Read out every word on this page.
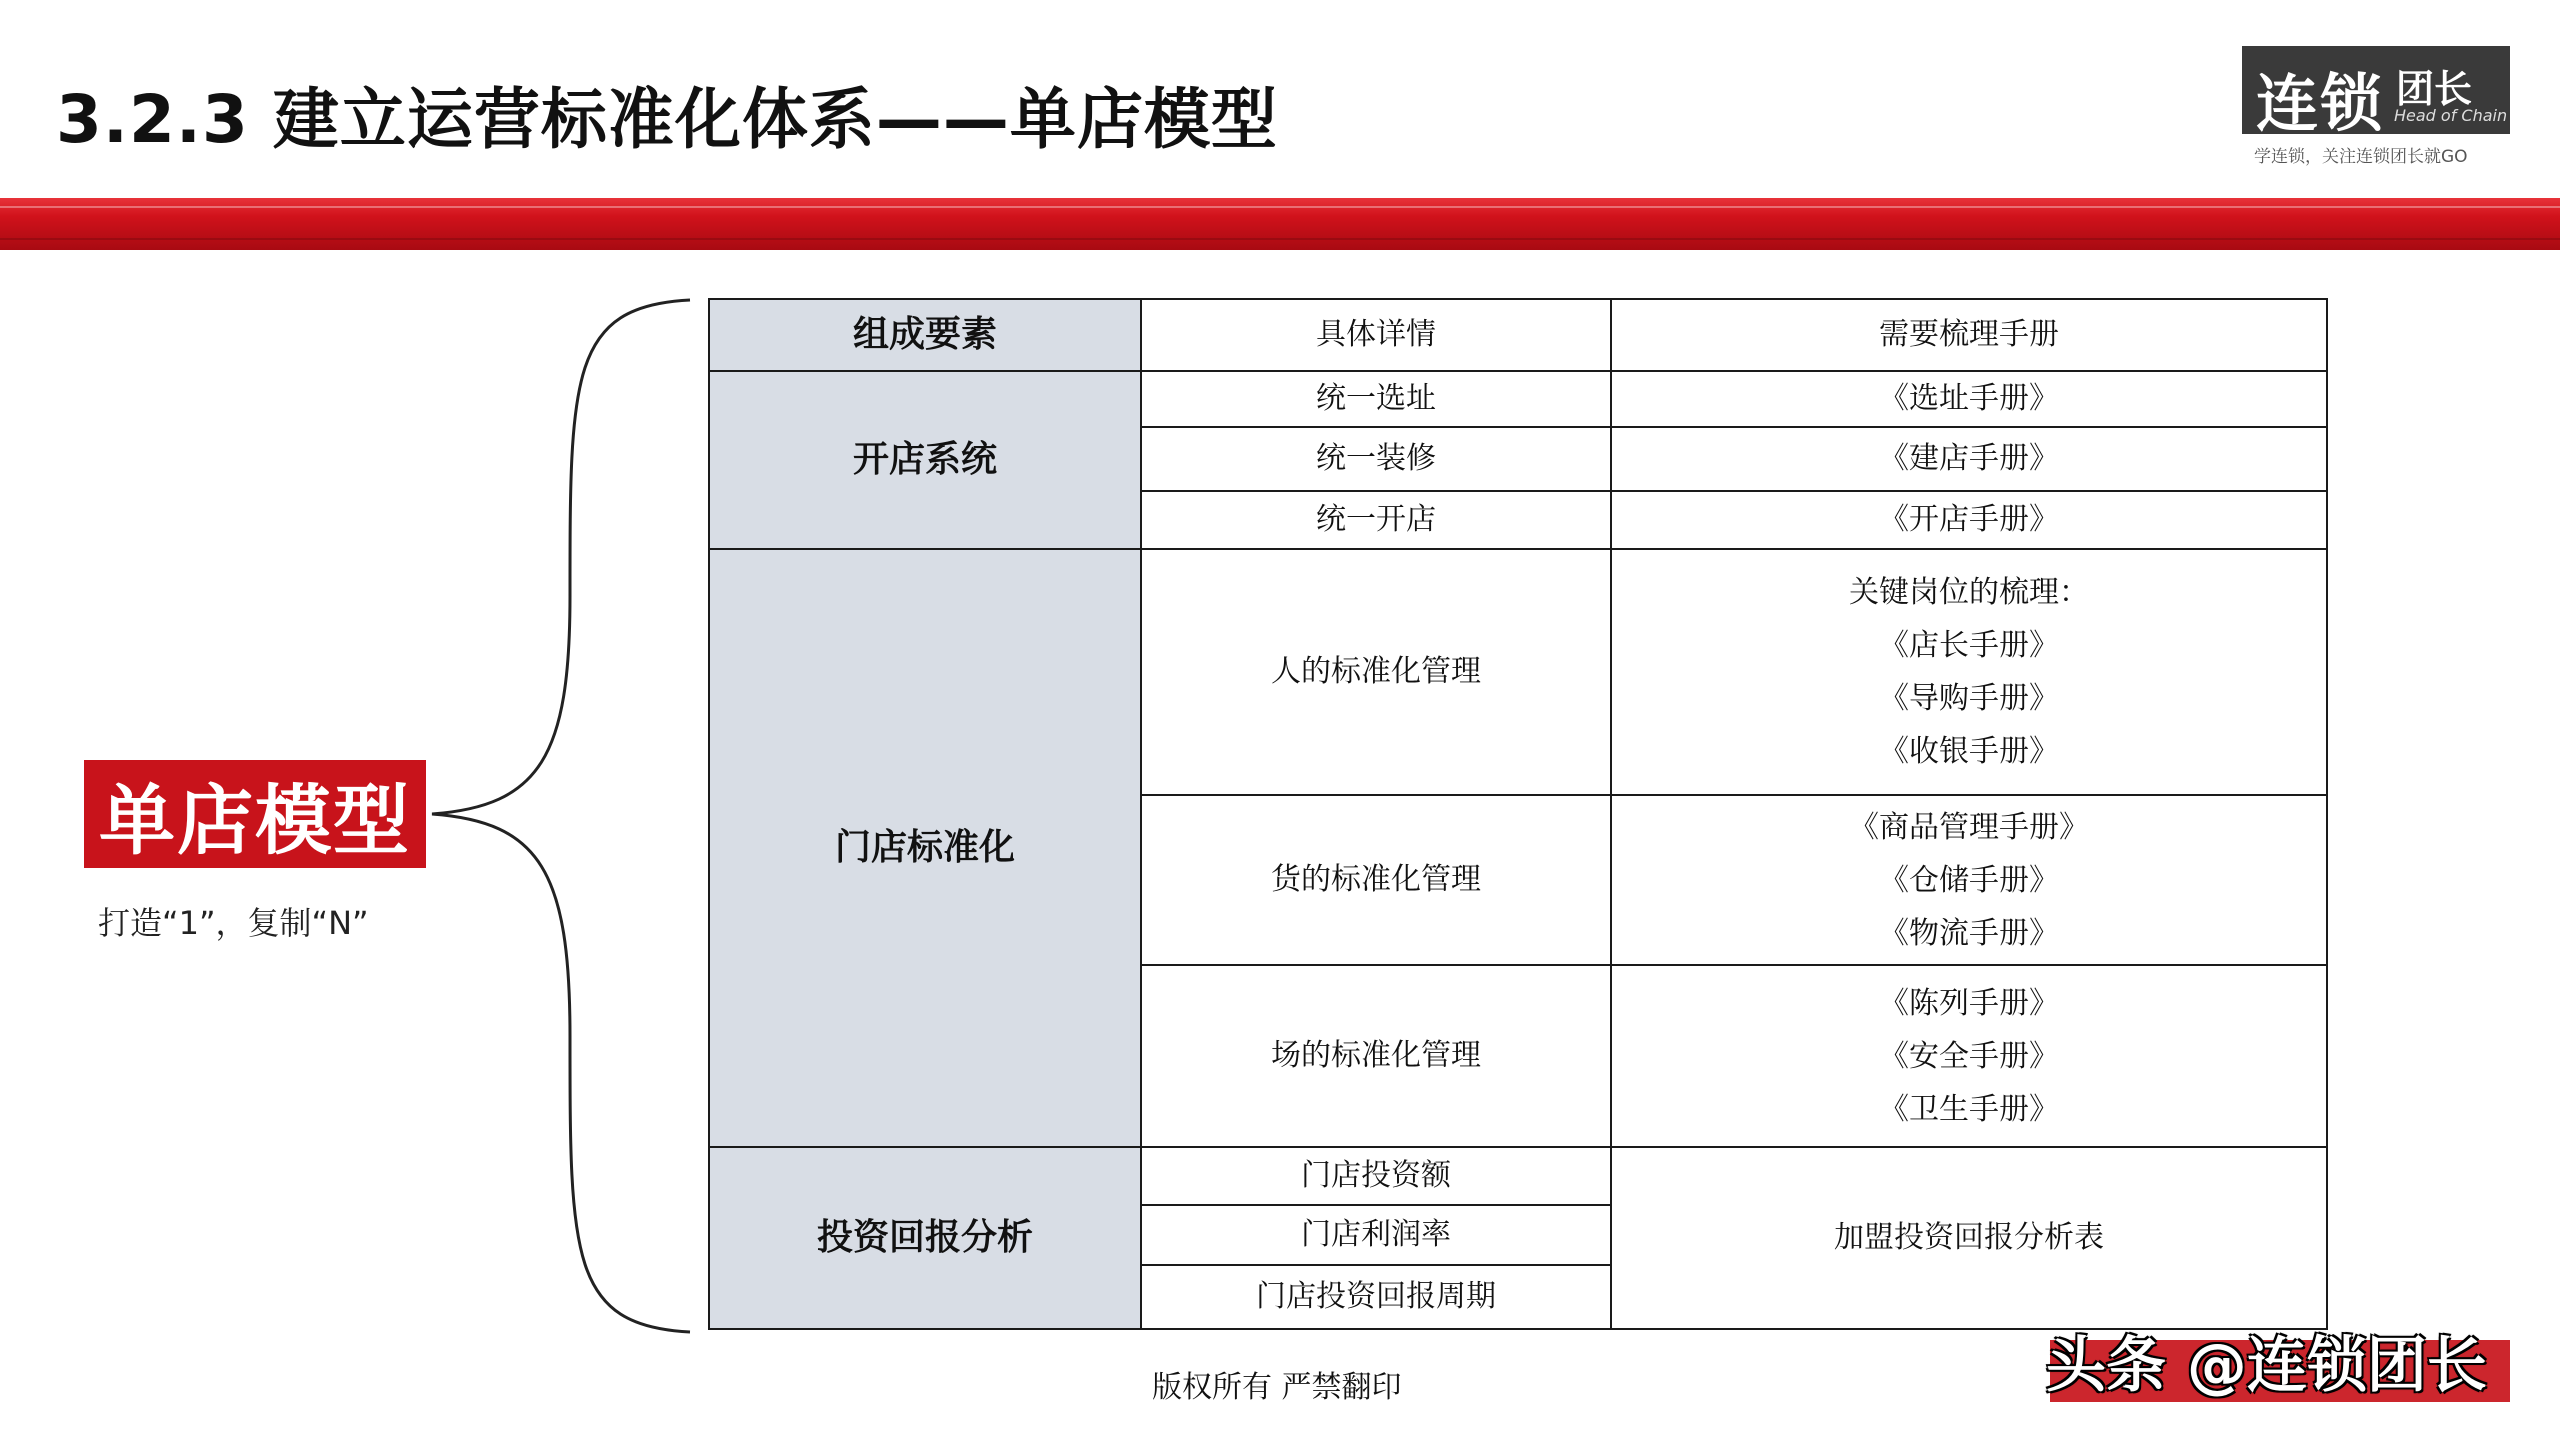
3.2.3 建立运营标准化体系——单店模型	连锁 团长
Head of Chain
学连锁，关注连锁团长就GO
单店模型
打造“1”，复制“N”
组成要素	具体详情	需要梳理手册
开店系统	统一选址	《选址手册》
	统一装修	《建店手册》
	统一开店	《开店手册》
门店标准化	人的标准化管理	关键岗位的梳理：
《店长手册》
《导购手册》
《收银手册》

	货的标准化管理	《商品管理手册》
《仓储手册》
《物流手册》

	场的标准化管理	《陈列手册》
《安全手册》
《卫生手册》

投资回报分析	门店投资额	加盟投资回报分析表
	门店利润率	
	门店投资回报周期	
版权所有 严禁翻印	头条 @连锁团长
